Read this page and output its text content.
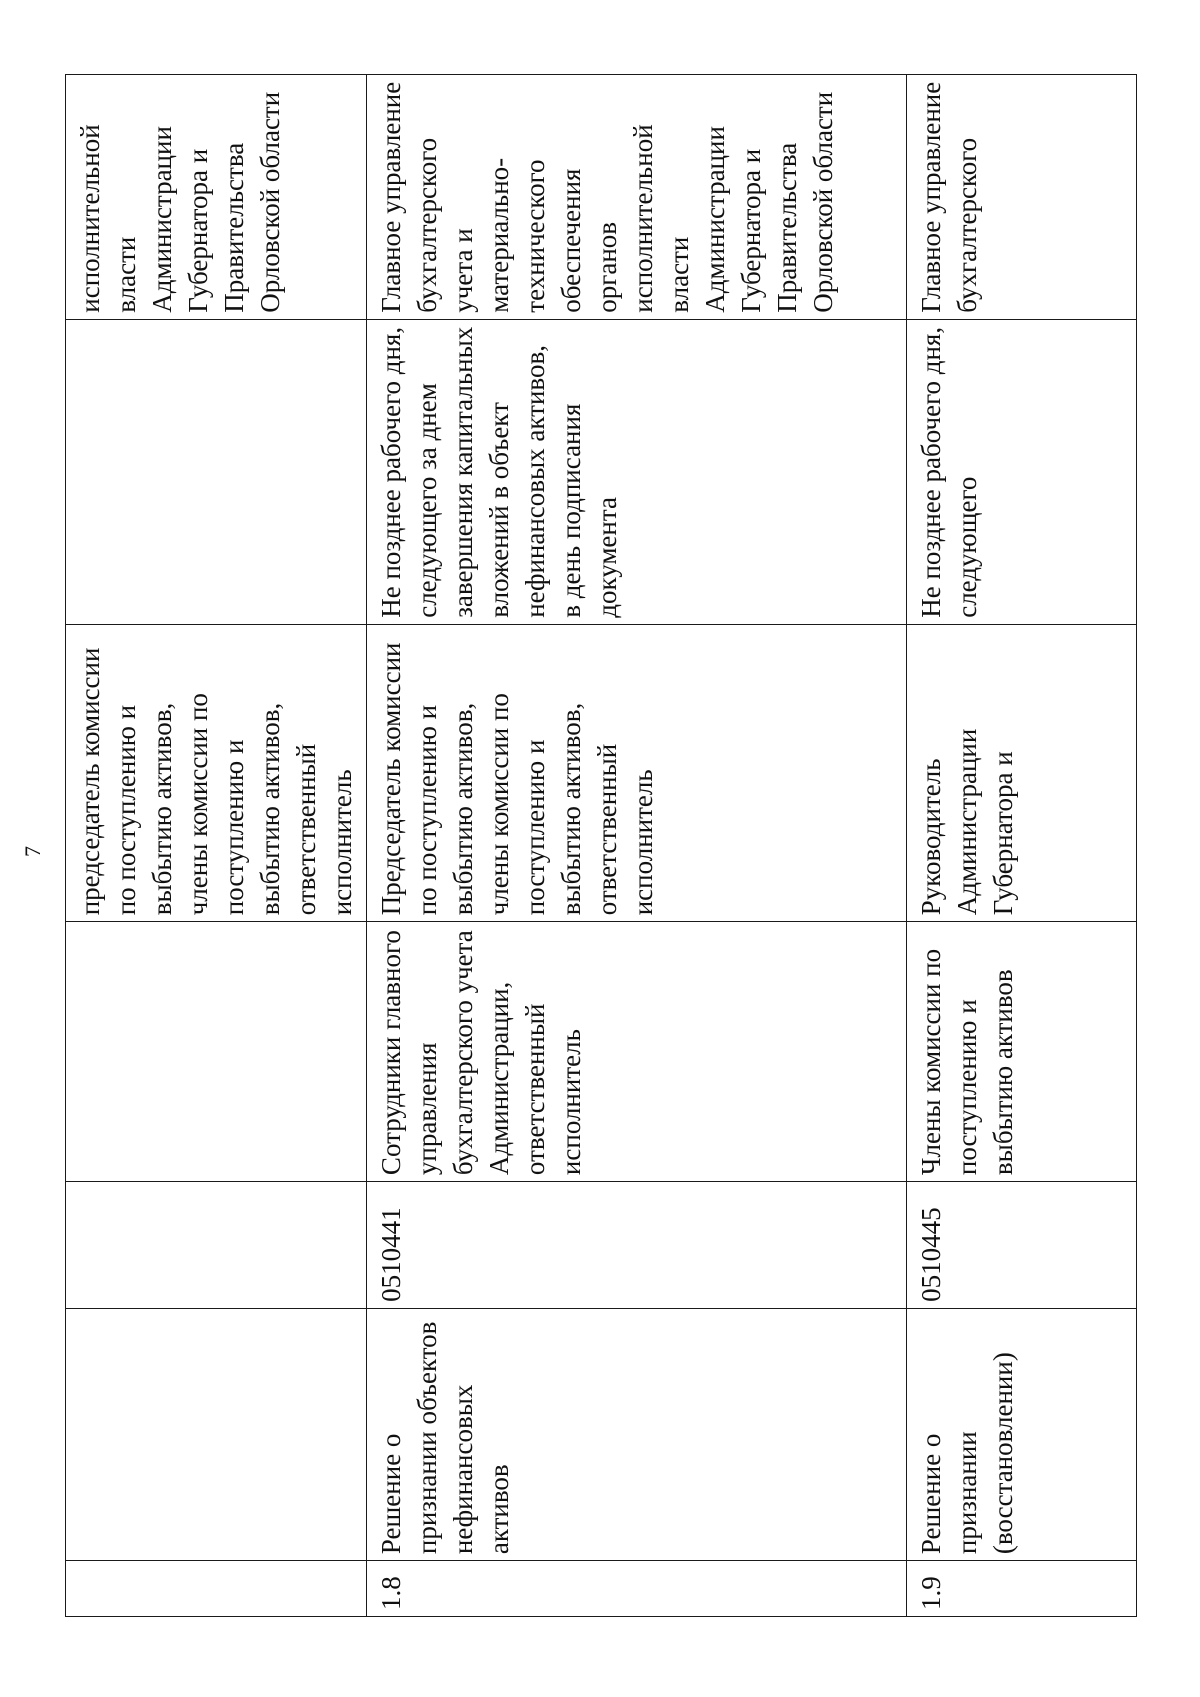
7

				председатель комиссии по поступлению и выбытию активов, члены комиссии по поступлению и выбытию активов, ответственный исполнитель		исполнительной власти Администрации Губернатора и Правительства Орловской области

1.8	Решение о признании объектов нефинансовых активов	0510441	Сотрудники главного управления бухгалтерского учета Администрации, ответственный исполнитель	Председатель комиссии по поступлению и выбытию активов, члены комиссии по поступлению и выбытию активов, ответственный исполнитель	Не позднее рабочего дня, следующего за днем завершения капитальных вложений в объект нефинансовых активов, в день подписания документа	Главное управление бухгалтерского учета и материально-технического обеспечения органов исполнительной власти Администрации Губернатора и Правительства Орловской области

1.9	Решение о признании (восстановлении)	0510445	Члены комиссии по поступлению и выбытию активов	Руководитель Администрации Губернатора и	Не позднее рабочего дня, следующего	Главное управление бухгалтерского
